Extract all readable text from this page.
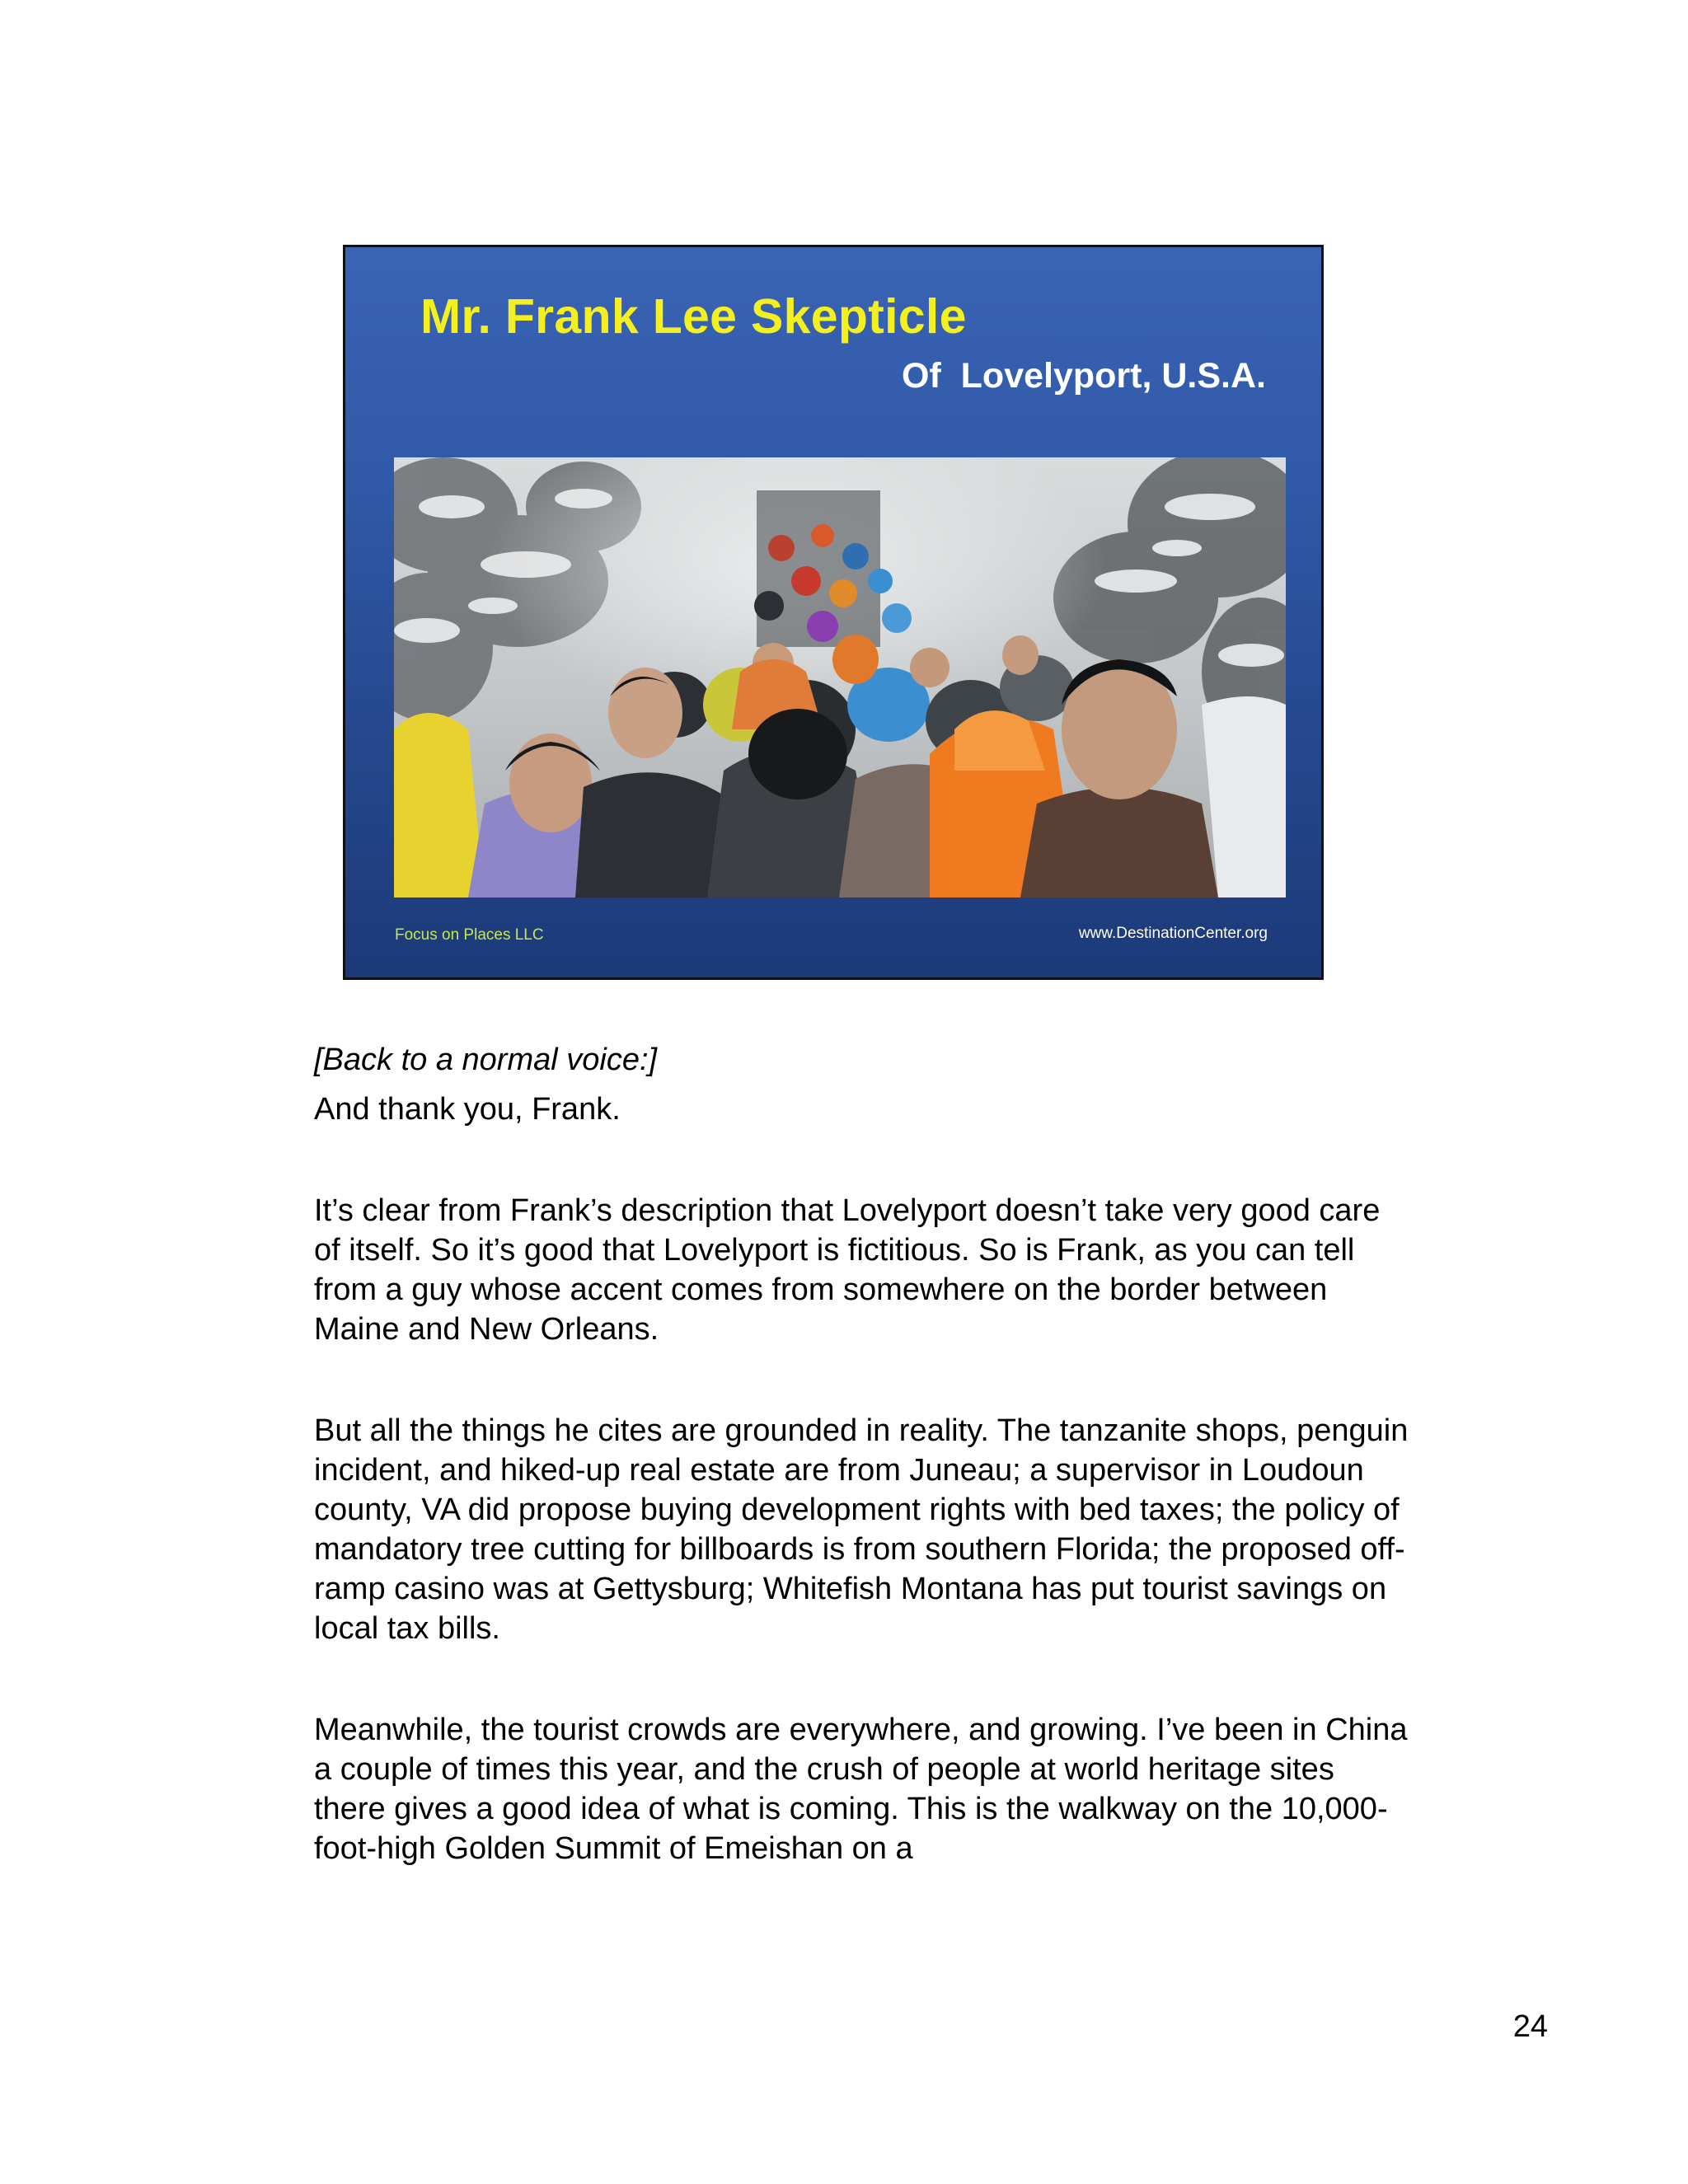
Mr. Frank Lee Skepticle
Of  Lovelyport, U.S.A.
Focus on Places LLC	www.DestinationCenter.org

[Back to a normal voice:]

And thank you, Frank.

It’s clear from Frank’s description that Lovelyport doesn’t take very good care of itself. So it’s good that Lovelyport is fictitious. So is Frank, as you can tell from a guy whose accent comes from somewhere on the border between Maine and New Orleans.

But all the things he cites are grounded in reality. The tanzanite shops, penguin incident, and hiked-up real estate are from Juneau; a supervisor in Loudoun county, VA did propose buying development rights with bed taxes; the policy of mandatory tree cutting for billboards is from southern Florida; the proposed off-ramp casino was at Gettysburg; Whitefish Montana has put tourist savings on local tax bills.

Meanwhile, the tourist crowds are everywhere, and growing. I’ve been in China a couple of times this year, and the crush of people at world heritage sites there gives a good idea of what is coming. This is the walkway on the 10,000-foot-high Golden Summit of Emeishan on a

24
